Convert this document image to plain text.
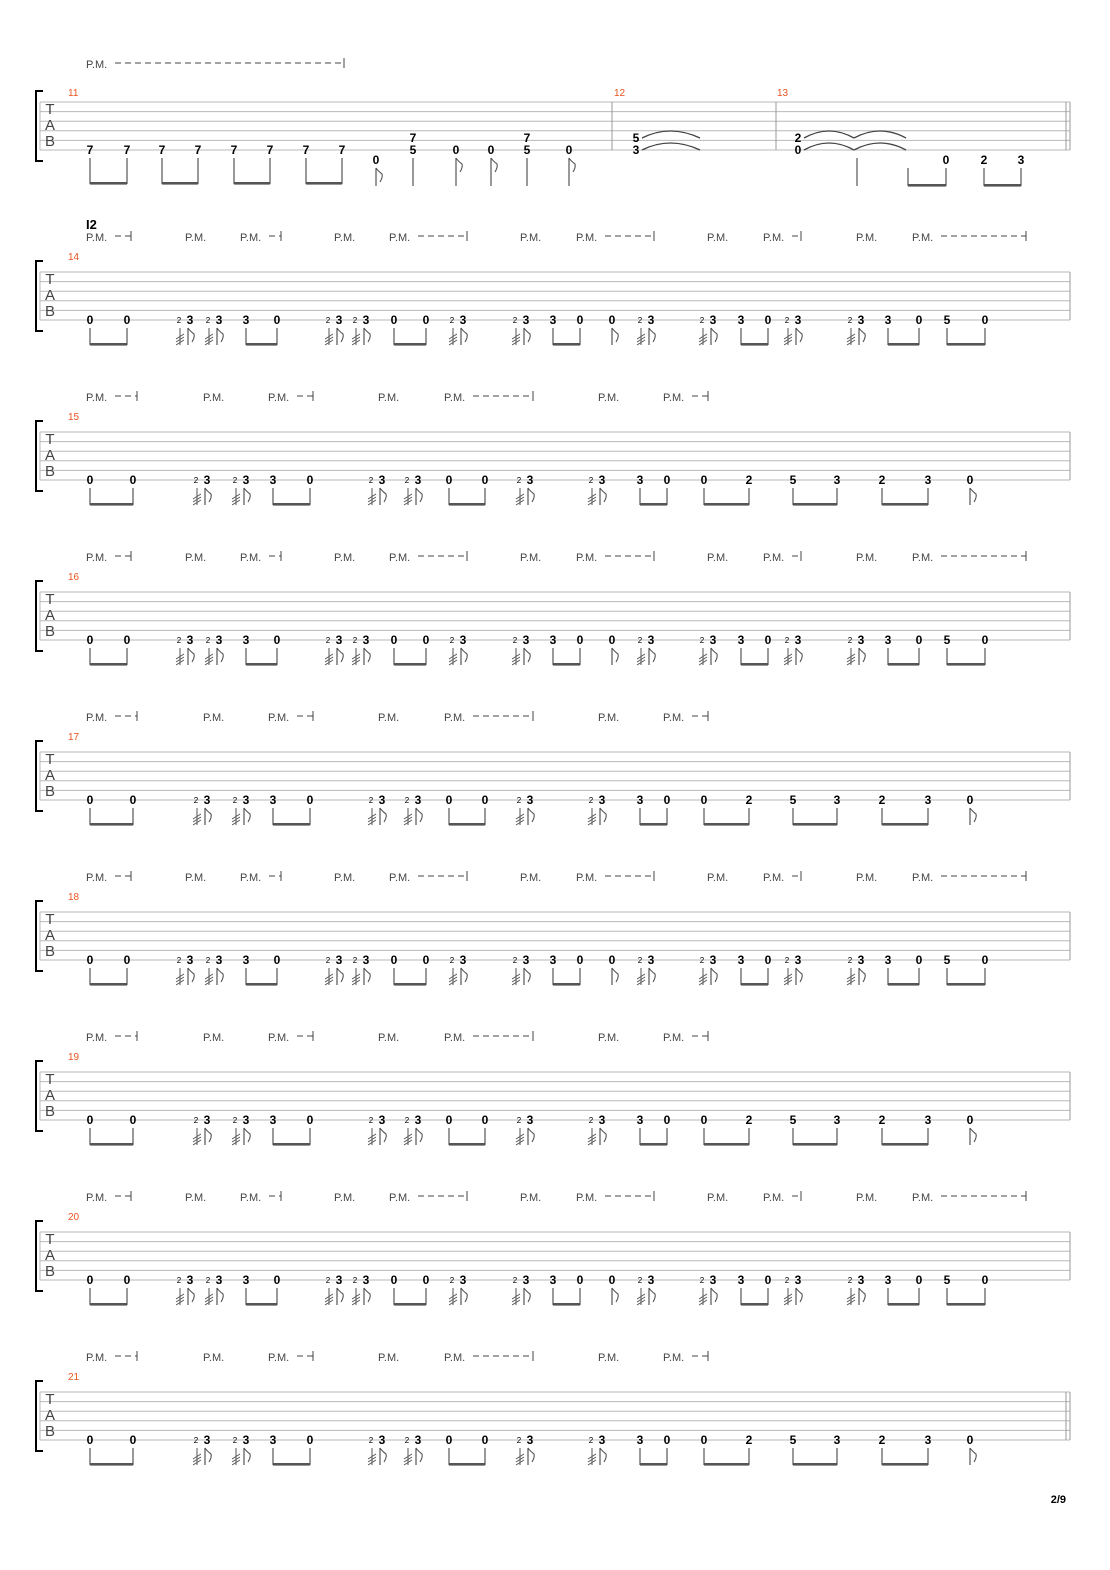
T
A
B
P.M.
11	12	13
7	7 7 7 7 7 7 7
0
5
7
0 0 5
7
0
5
3
2
0
0	2	3
I2
T
A
B
14
0	0	3
2	3
2	3 0	3
2	3
2	0 0	3
2	3
2	3 0 0	3
2	3
2	3 0 3
2	3
2	3 0 5	0
P.M.	P.M.	P.M.	P.M.	P.M.	P.M.	P.M.	P.M.	P.M.	P.M.	P.M.
T
A
B
15
0	0	3
2	3
2	3	0	3
2	3
2	0 0	3
2	3
2	3 0	0	2	5	3	2	3	0
P.M.	P.M.	P.M.	P.M.	P.M.	P.M.	P.M.
T
A
B
16
0	0	3
2	3
2	3 0	3
2	3
2	0 0	3
2	3
2	3 0 0	3
2	3
2	3 0 3
2	3
2	3 0 5	0
P.M.	P.M.	P.M.	P.M.	P.M.	P.M.	P.M.	P.M.	P.M.	P.M.	P.M.
T
A
B
17
0	0	3
2	3
2	3	0	3
2	3
2	0 0	3
2	3
2	3 0	0	2	5	3	2	3	0
P.M.	P.M.	P.M.	P.M.	P.M.	P.M.	P.M.
T
A
B
18
0	0	3
2	3
2	3 0	3
2	3
2	0 0	3
2	3
2	3 0 0	3
2	3
2	3 0 3
2	3
2	3 0 5	0
P.M.	P.M.	P.M.	P.M.	P.M.	P.M.	P.M.	P.M.	P.M.	P.M.	P.M.
T
A
B
19
0	0	3
2	3
2	3	0	3
2	3
2	0 0	3
2	3
2	3 0	0	2	5	3	2	3	0
P.M.	P.M.	P.M.	P.M.	P.M.	P.M.	P.M.
T
A
B
20
0	0	3
2	3
2	3 0	3
2	3
2	0 0	3
2	3
2	3 0 0	3
2	3
2	3 0 3
2	3
2	3 0 5	0
P.M.	P.M.	P.M.	P.M.	P.M.	P.M.	P.M.	P.M.	P.M.	P.M.	P.M.
T
A
B
21
0	0	3
2	3
2	3	0	3
2	3
2	0 0	3
2	3
2	3 0	0	2	5	3	2	3	0
P.M.	P.M.	P.M.	P.M.	P.M.	P.M.	P.M.
2/9
